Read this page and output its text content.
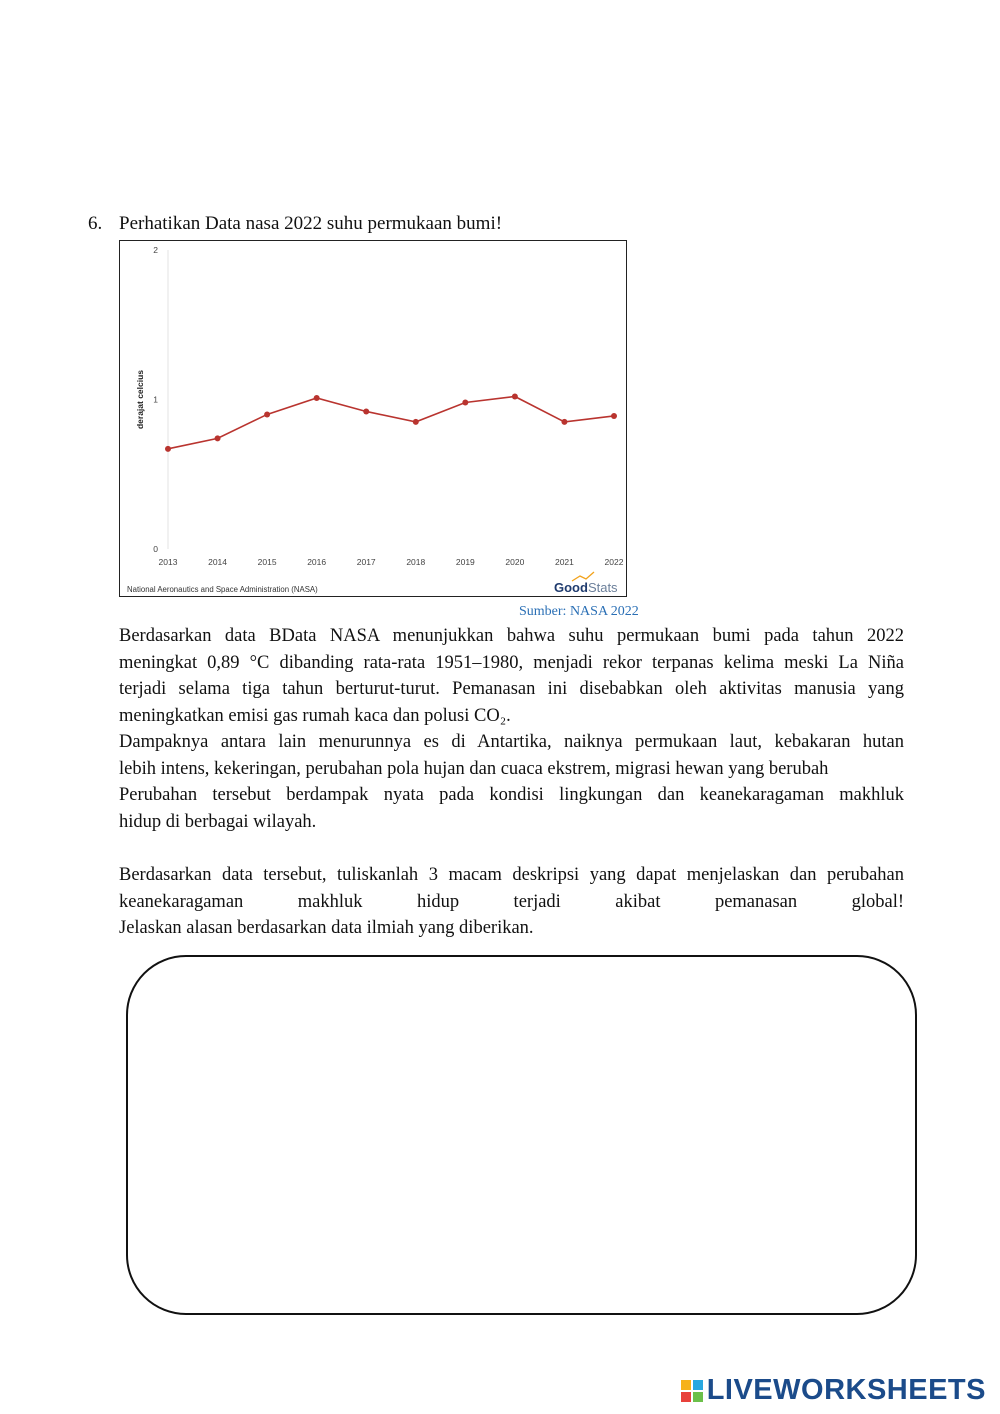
6. Perhatikan Data nasa 2022 suhu permukaan bumi!
0
1
2
derajat celcius
2013	2014	2015	2016	2017	2018	2019	2020	2021	2022
National Aeronautics and Space Administration (NASA)	GoodStats
Sumber: NASA 2022
Berdasarkan data BData NASA menunjukkan bahwa suhu permukaan bumi pada tahun 2022
meningkat 0,89 °C dibanding rata-rata 1951–1980, menjadi rekor terpanas kelima meski La Niña
terjadi selama tiga tahun berturut-turut. Pemanasan ini disebabkan oleh aktivitas manusia yang
meningkatkan emisi gas rumah kaca dan polusi CO₂.
Dampaknya antara lain menurunnya es di Antartika, naiknya permukaan laut, kebakaran hutan
lebih intens, kekeringan, perubahan pola hujan dan cuaca ekstrem, migrasi hewan yang berubah
Perubahan tersebut berdampak nyata pada kondisi lingkungan dan keanekaragaman makhluk
hidup di berbagai wilayah.
Berdasarkan data tersebut, tuliskanlah 3 macam deskripsi yang dapat menjelaskan dan perubahan
keanekaragaman makhluk hidup terjadi akibat pemanasan global!
Jelaskan alasan berdasarkan data ilmiah yang diberikan.
LIVEWORKSHEETS
